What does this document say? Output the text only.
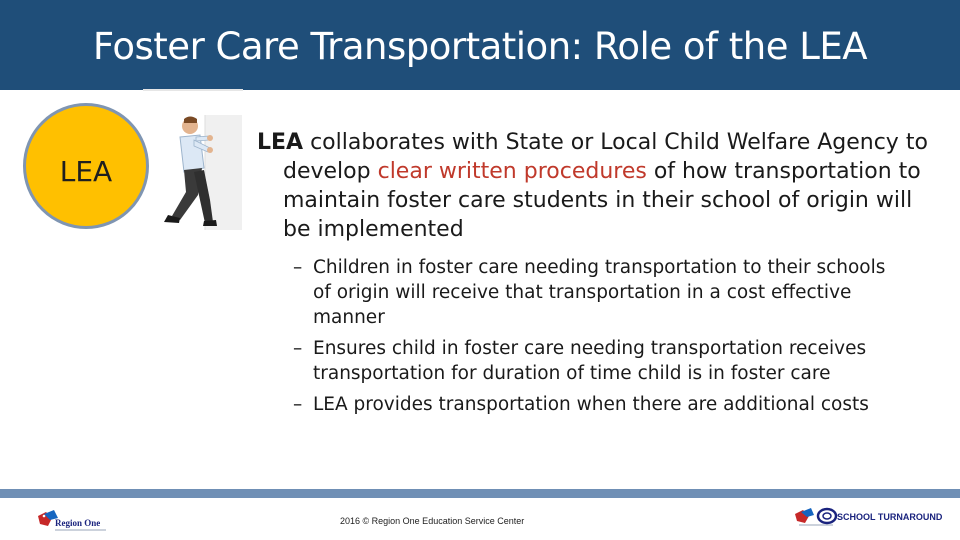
Foster Care Transportation: Role of the LEA
LEA

LEA collaborates with State or Local Child Welfare Agency to develop clear written procedures of how transportation to maintain foster care students in their school of origin will be implemented

– Children in foster care needing transportation to their schools of origin will receive that transportation in a cost effective manner
– Ensures child in foster care needing transportation receives transportation for duration of time child is in foster care
– LEA provides transportation when there are additional costs
Region One	2016 © Region One Education Service Center	SCHOOL TURNAROUND
